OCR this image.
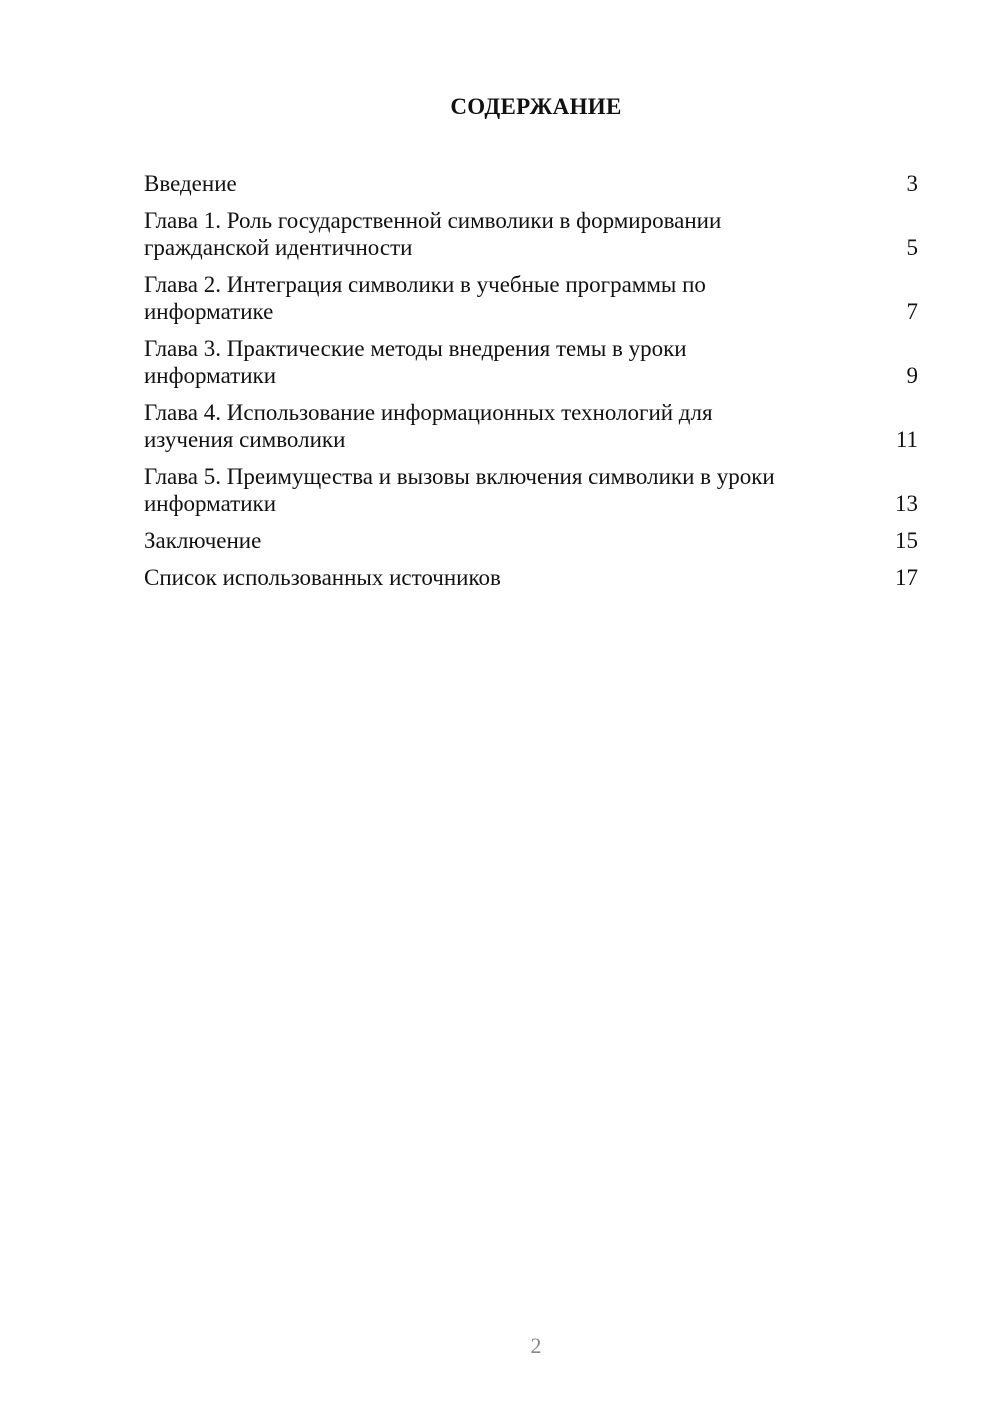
СОДЕРЖАНИЕ
Введение	3
Глава 1. Роль государственной символики в формировании гражданской идентичности	5
Глава 2. Интеграция символики в учебные программы по информатике	7
Глава 3. Практические методы внедрения темы в уроки информатики	9
Глава 4. Использование информационных технологий для изучения символики	11
Глава 5. Преимущества и вызовы включения символики в уроки информатики	13
Заключение	15
Список использованных источников	17
2
